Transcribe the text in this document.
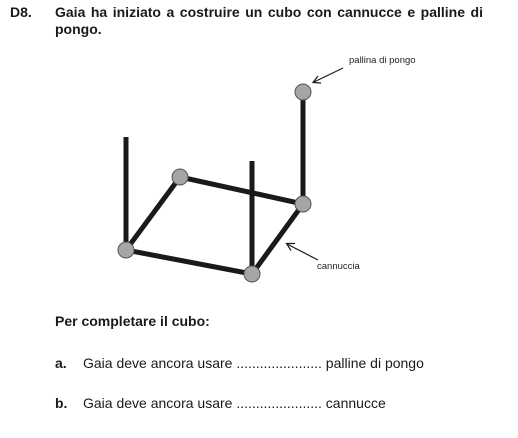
D8. Gaia ha iniziato a costruire un cubo con cannucce e palline di pongo.
pallina di pongo
cannuccia
Per completare il cubo:
a. Gaia deve ancora usare ...................... palline di pongo
b. Gaia deve ancora usare ...................... cannucce
